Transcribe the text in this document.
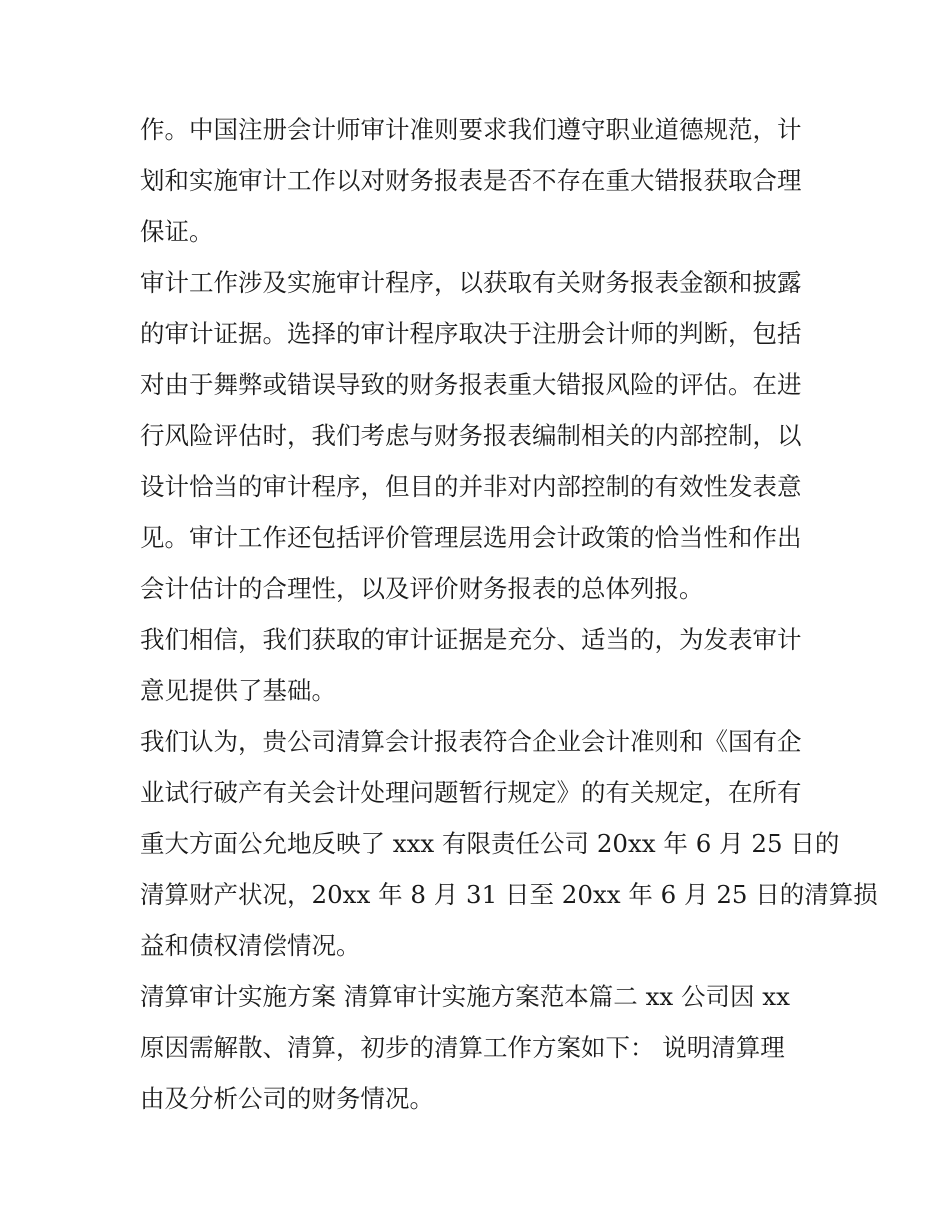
作。中国注册会计师审计准则要求我们遵守职业道德规范，计
划和实施审计工作以对财务报表是否不存在重大错报获取合理
保证。

审计工作涉及实施审计程序，以获取有关财务报表金额和披露
的审计证据。选择的审计程序取决于注册会计师的判断，包括
对由于舞弊或错误导致的财务报表重大错报风险的评估。在进
行风险评估时，我们考虑与财务报表编制相关的内部控制，以
设计恰当的审计程序，但目的并非对内部控制的有效性发表意
见。审计工作还包括评价管理层选用会计政策的恰当性和作出
会计估计的合理性，以及评价财务报表的总体列报。

我们相信，我们获取的审计证据是充分、适当的，为发表审计
意见提供了基础。

我们认为，贵公司清算会计报表符合企业会计准则和《国有企
业试行破产有关会计处理问题暂行规定》的有关规定，在所有
重大方面公允地反映了 xxx 有限责任公司 20xx 年 6 月 25 日的
清算财产状况，20xx 年 8 月 31 日至 20xx 年 6 月 25 日的清算损
益和债权清偿情况。

清算审计实施方案 清算审计实施方案范本篇二 xx 公司因 xx
原因需解散、清算，初步的清算工作方案如下： 说明清算理
由及分析公司的财务情况。
